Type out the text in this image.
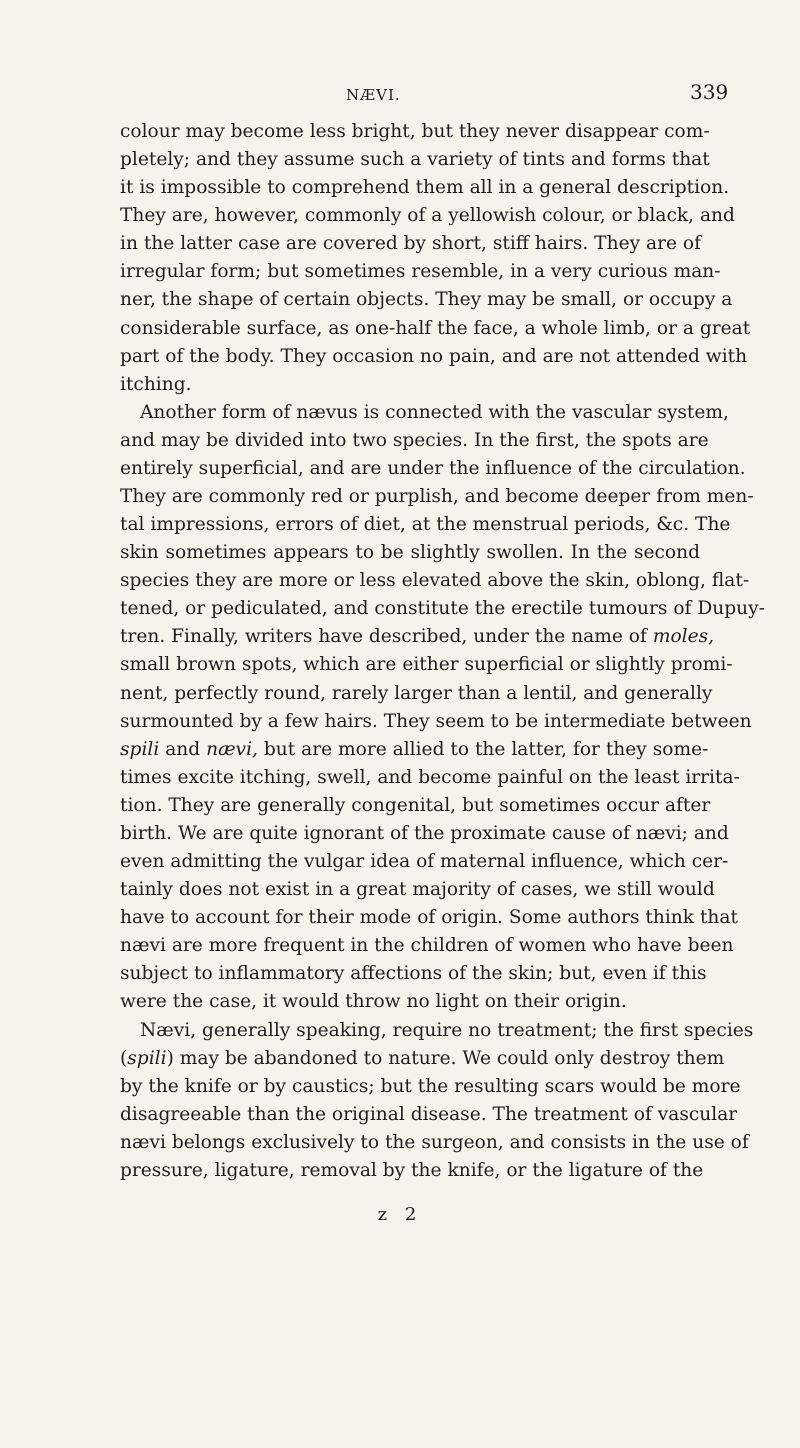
NÆVI.	339
colour may become less bright, but they never disappear com-
pletely; and they assume such a variety of tints and forms that
it is impossible to comprehend them all in a general description.
They are, however, commonly of a yellowish colour, or black, and
in the latter case are covered by short, stiff hairs. They are of
irregular form; but sometimes resemble, in a very curious man-
ner, the shape of certain objects. They may be small, or occupy a
considerable surface, as one-half the face, a whole limb, or a great
part of the body. They occasion no pain, and are not attended with
itching.
Another form of nævus is connected with the vascular system,
and may be divided into two species. In the first, the spots are
entirely superficial, and are under the influence of the circulation.
They are commonly red or purplish, and become deeper from men-
tal impressions, errors of diet, at the menstrual periods, &c. The
skin sometimes appears to be slightly swollen. In the second
species they are more or less elevated above the skin, oblong, flat-
tened, or pediculated, and constitute the erectile tumours of Dupuy-
tren. Finally, writers have described, under the name of moles,
small brown spots, which are either superficial or slightly promi-
nent, perfectly round, rarely larger than a lentil, and generally
surmounted by a few hairs. They seem to be intermediate between
spili and nævi, but are more allied to the latter, for they some-
times excite itching, swell, and become painful on the least irrita-
tion. They are generally congenital, but sometimes occur after
birth. We are quite ignorant of the proximate cause of nævi; and
even admitting the vulgar idea of maternal influence, which cer-
tainly does not exist in a great majority of cases, we still would
have to account for their mode of origin. Some authors think that
nævi are more frequent in the children of women who have been
subject to inflammatory affections of the skin; but, even if this
were the case, it would throw no light on their origin.
Nævi, generally speaking, require no treatment; the first species
(spili) may be abandoned to nature. We could only destroy them
by the knife or by caustics; but the resulting scars would be more
disagreeable than the original disease. The treatment of vascular
nævi belongs exclusively to the surgeon, and consists in the use of
pressure, ligature, removal by the knife, or the ligature of the
z 2
